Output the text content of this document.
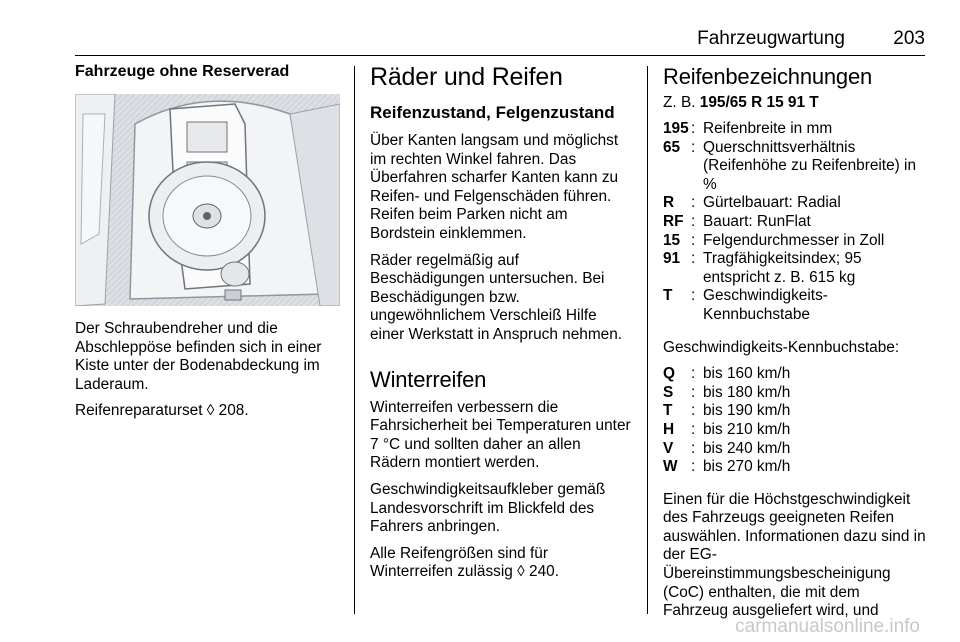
Fahrzeugwartung	203
Fahrzeuge ohne Reserverad

Der Schraubendreher und die Abschleppöse befinden sich in einer Kiste unter der Bodenabdeckung im Laderaum.

Reifenreparaturset ◊ 208.

Räder und Reifen
Reifenzustand, Felgenzustand

Über Kanten langsam und möglichst im rechten Winkel fahren. Das Überfahren scharfer Kanten kann zu Reifen- und Felgenschäden führen. Reifen beim Parken nicht am Bordstein einklemmen.

Räder regelmäßig auf Beschädigungen untersuchen. Bei Beschädigungen bzw. ungewöhnlichem Verschleiß Hilfe einer Werkstatt in Anspruch nehmen.

Winterreifen

Winterreifen verbessern die Fahrsicherheit bei Temperaturen unter 7 °C und sollten daher an allen Rädern montiert werden.

Geschwindigkeitsaufkleber gemäß Landesvorschrift im Blickfeld des Fahrers anbringen.

Alle Reifengrößen sind für Winterreifen zulässig ◊ 240.

Reifenbezeichnungen
Z. B. 195/65 R 15 91 T
195 : Reifenbreite in mm
65 : Querschnittsverhältnis (Reifenhöhe zu Reifenbreite) in %
R	: Gürtelbauart: Radial
RF : Bauart: RunFlat
15 : Felgendurchmesser in Zoll
91 : Tragfähigkeitsindex; 95 entspricht z. B. 615 kg
T	: Geschwindigkeits-Kennbuchstabe

Geschwindigkeits-Kennbuchstabe:

Q	: bis 160 km/h
S	: bis 180 km/h
T	: bis 190 km/h
H	: bis 210 km/h
V	: bis 240 km/h
W : bis 270 km/h

Einen für die Höchstgeschwindigkeit des Fahrzeugs geeigneten Reifen auswählen. Informationen dazu sind in der EG-Übereinstimmungsbescheinigung (CoC) enthalten, die mit dem Fahrzeug ausgeliefert wird, und

carmanualsonline.info
